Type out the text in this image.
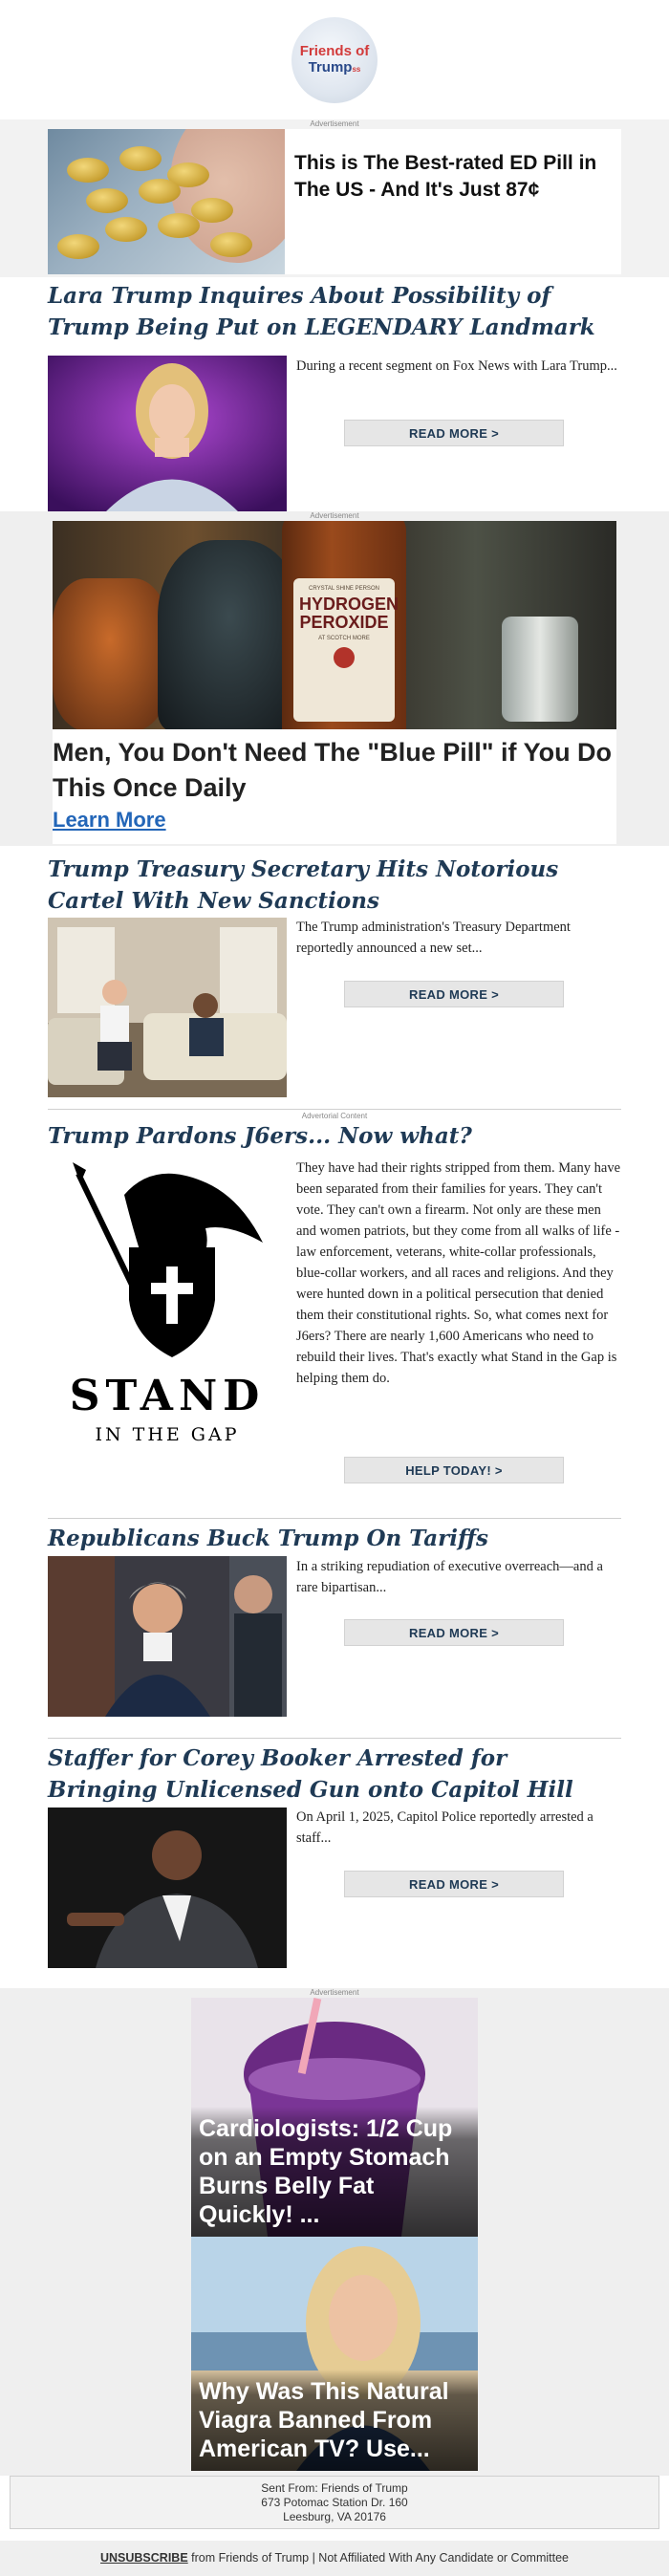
Friends of
Trumpss
Advertisement
This is The Best-rated ED Pill in The US - And It's Just 87¢
Lara Trump Inquires About Possibility of Trump Being Put on LEGENDARY Landmark
During a recent segment on Fox News with Lara Trump...
READ MORE >
Advertisement
CRYSTAL SHINE PERSON
HYDROGEN PEROXIDE
AT SCOTCH MORE
Men, You Don't Need The "Blue Pill" if You Do This Once Daily
Learn More
Trump Treasury Secretary Hits Notorious Cartel With New Sanctions
The Trump administration's Treasury Department reportedly announced a new set...
READ MORE >
Advertorial Content
Trump Pardons J6ers... Now what?
STAND
IN THE GAP
They have had their rights stripped from them. Many have been separated from their families for years. They can't vote. They can't own a firearm. Not only are these men and women patriots, but they come from all walks of life - law enforcement, veterans, white-collar professionals, blue-collar workers, and all races and religions. And they were hunted down in a political persecution that denied them their constitutional rights. So, what comes next for J6ers? There are nearly 1,600 Americans who need to rebuild their lives. That's exactly what Stand in the Gap is helping them do.
HELP TODAY! >
Republicans Buck Trump On Tariffs
In a striking repudiation of executive overreach—and a rare bipartisan...
READ MORE >
Staffer for Corey Booker Arrested for Bringing Unlicensed Gun onto Capitol Hill
On April 1, 2025, Capitol Police reportedly arrested a staff...
READ MORE >
Advertisement
Cardiologists: 1/2 Cup on an Empty Stomach Burns Belly Fat Quickly! ...
Why Was This Natural Viagra Banned From American TV? Use...
Sent From: Friends of Trump
673 Potomac Station Dr. 160
Leesburg, VA 20176
UNSUBSCRIBE from Friends of Trump | Not Affiliated With Any Candidate or Committee
